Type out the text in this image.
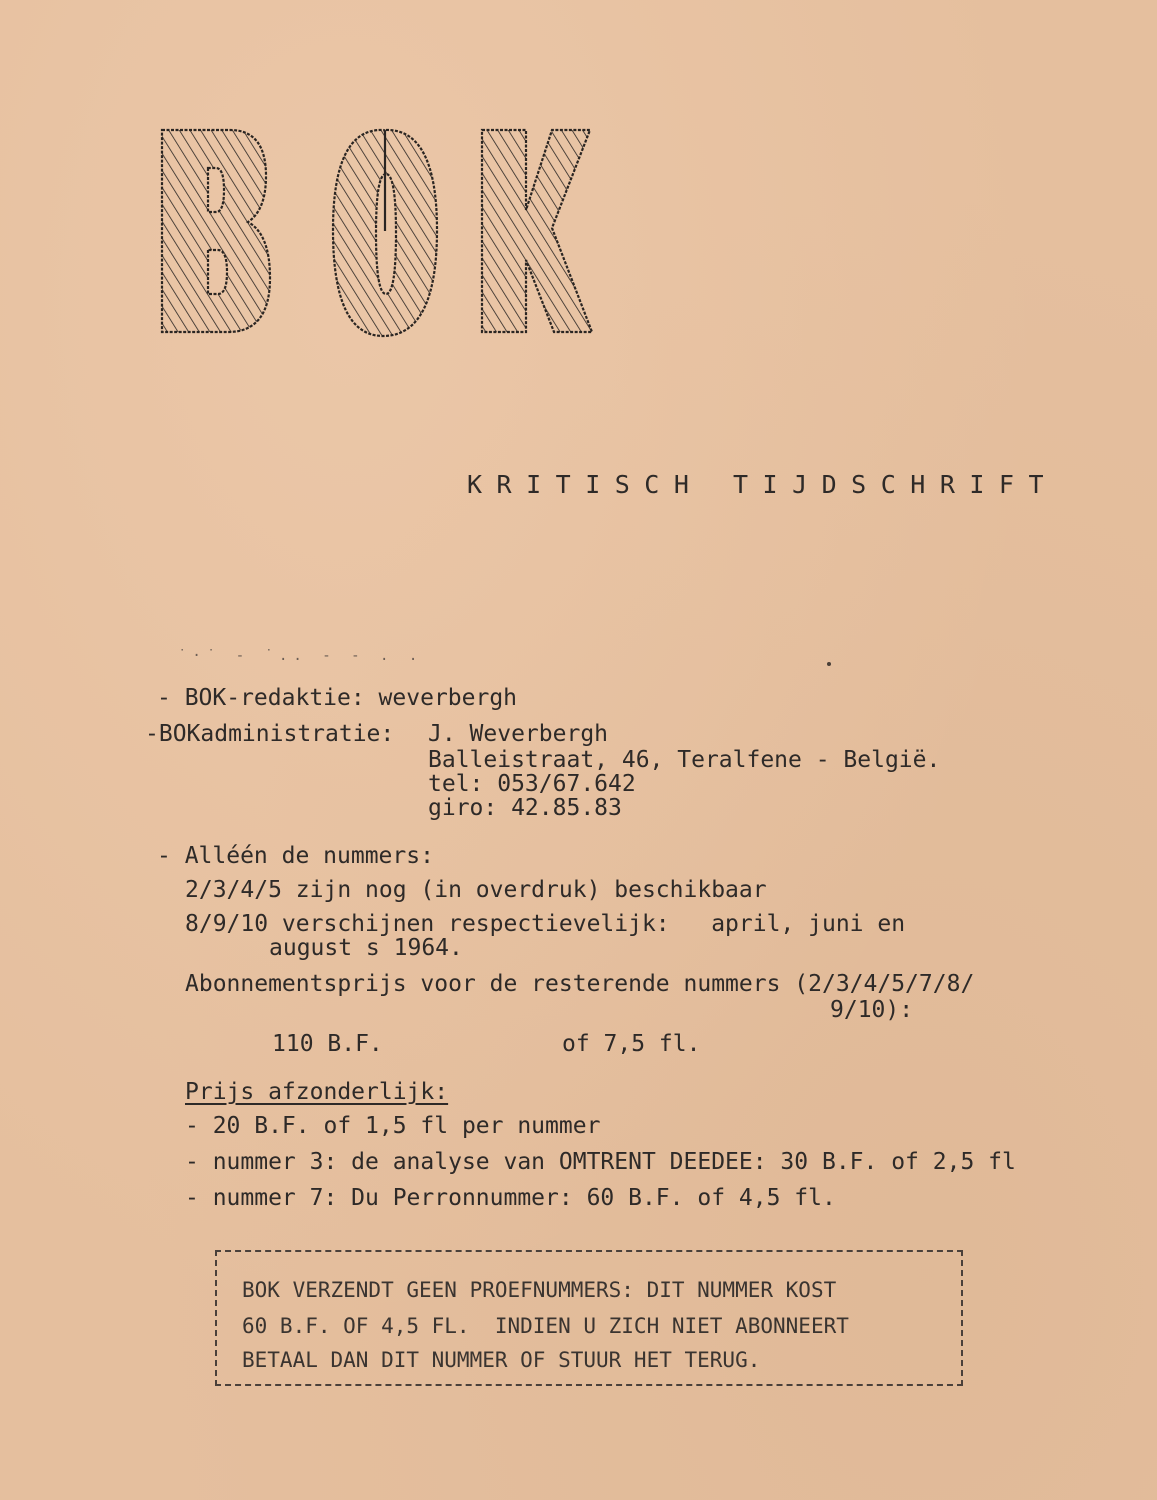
KRITISCH TIJDSCHRIFT
˙·˙ ‐ ˙.. ‐ ‐ . .
- BOK-redaktie: weverbergh
-BOKadministratie: J. Weverbergh
Balleistraat, 46, Teralfene - België.
tel: 053/67.642
giro: 42.85.83
- Alléén de nummers:
2/3/4/5 zijn nog (in overdruk) beschikbaar
8/9/10 verschijnen respectievelijk:   april, juni en
august s 1964.
Abonnementsprijs voor de resterende nummers (2/3/4/5/7/8/
9/10):
110 B.F.	of 7,5 fl.
Prijs afzonderlijk:
- 20 B.F. of 1,5 fl per nummer
- nummer 3: de analyse van OMTRENT DEEDEE: 30 B.F. of 2,5 fl
- nummer 7: Du Perronnummer: 60 B.F. of 4,5 fl.
BOK VERZENDT GEEN PROEFNUMMERS: DIT NUMMER KOST
60 B.F. OF 4,5 FL.  INDIEN U ZICH NIET ABONNEERT
BETAAL DAN DIT NUMMER OF STUUR HET TERUG.
